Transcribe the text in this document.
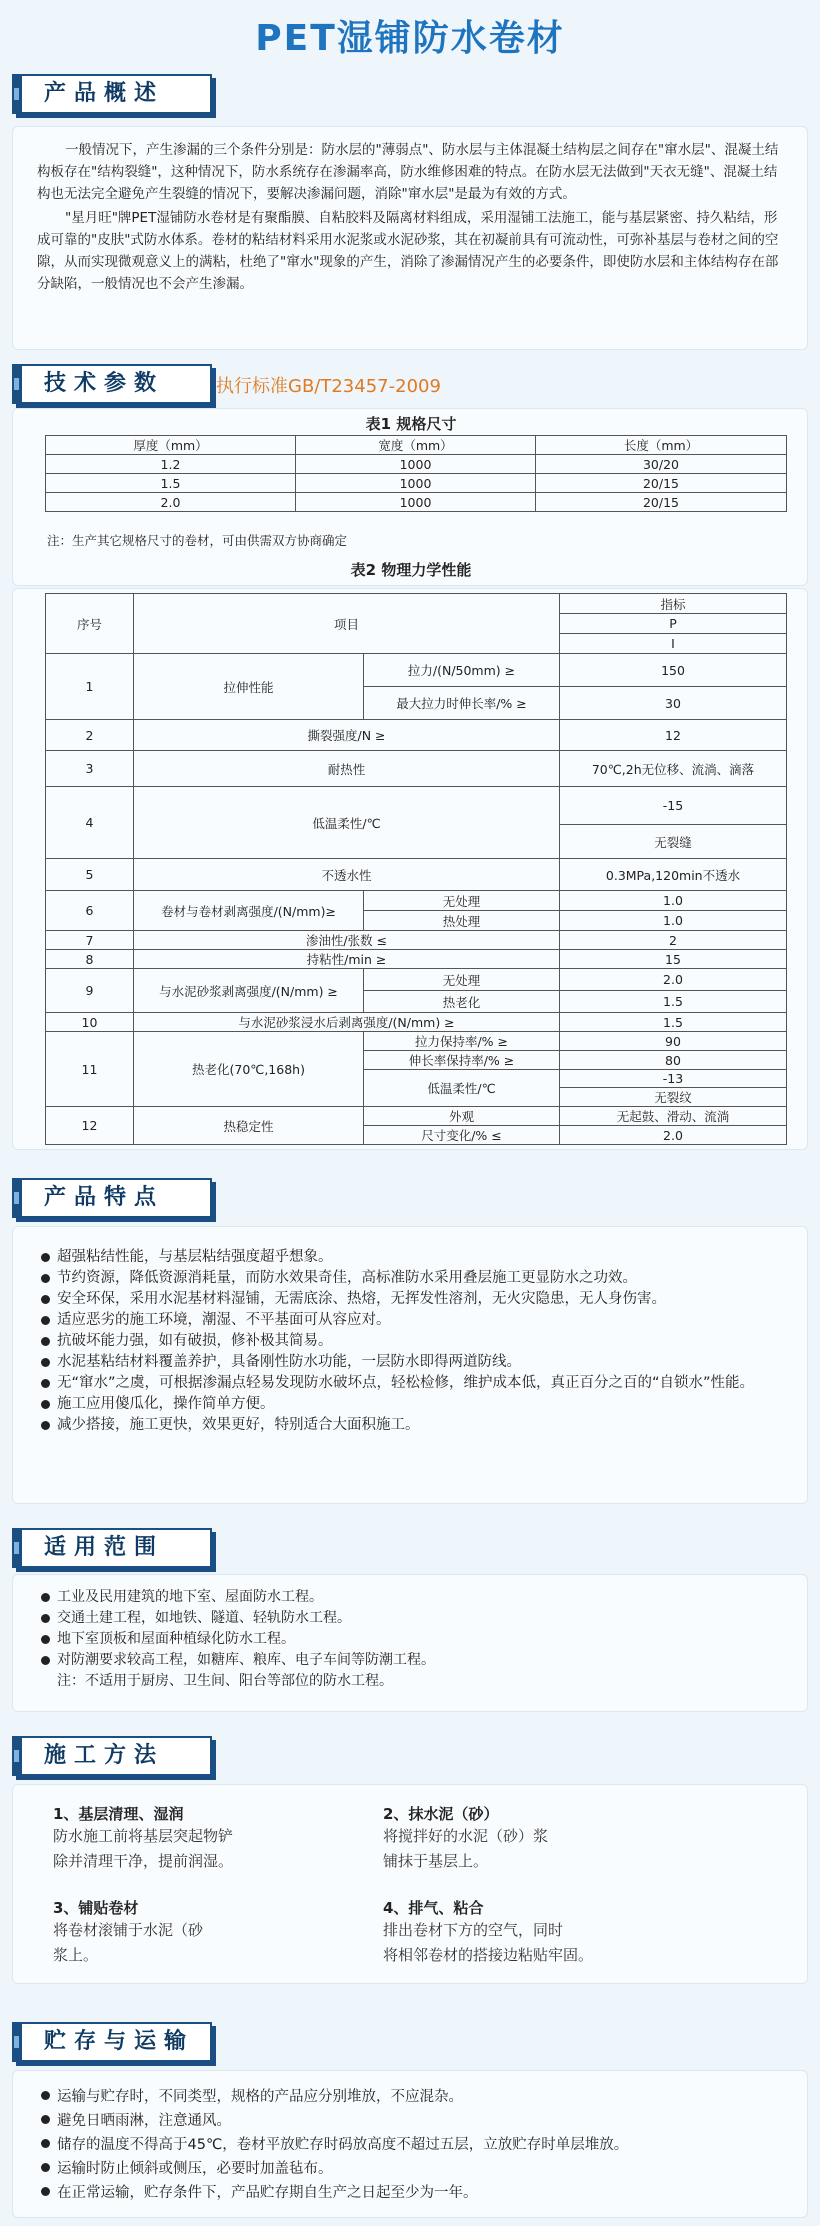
PET湿铺防水卷材
产品概述

一般情况下，产生渗漏的三个条件分别是：防水层的"薄弱点"、防水层与主体混凝土结构层之间存在"窜水层"、混凝土结构板存在"结构裂缝"，这种情况下，防水系统存在渗漏率高，防水维修困难的特点。在防水层无法做到"天衣无缝"、混凝土结构也无法完全避免产生裂缝的情况下，要解决渗漏问题，消除"窜水层"是最为有效的方式。

"星月旺"牌PET湿铺防水卷材是有聚酯膜、自粘胶料及隔离材料组成，采用湿铺工法施工，能与基层紧密、持久粘结，形成可靠的"皮肤"式防水体系。卷材的粘结材料采用水泥浆或水泥砂浆，其在初凝前具有可流动性，可弥补基层与卷材之间的空隙，从而实现微观意义上的满粘，杜绝了"窜水"现象的产生，消除了渗漏情况产生的必要条件，即使防水层和主体结构存在部分缺陷，一般情况也不会产生渗漏。

技术参数	执行标准GB/T23457-2009
表1 规格尺寸
厚度（mm）	宽度（mm）	长度（mm）
1.2	1000	30/20
1.5	1000	20/15
2.0	1000	20/15
注：生产其它规格尺寸的卷材，可由供需双方协商确定
表2 物理力学性能
序号	项目		指标
			P
			I
1	拉伸性能	拉力/(N/50mm) ≥	150
		最大拉力时伸长率/% ≥	30
2	撕裂强度/N ≥		12
3	耐热性		70℃,2h无位移、流淌、滴落
4	低温柔性/℃		-15
			无裂缝
5	不透水性		0.3MPa,120min不透水
6	卷材与卷材剥离强度/(N/mm)≥	无处理	1.0
		热处理	1.0
7	渗油性/张数 ≤		2
8	持粘性/min ≥		15
9	与水泥砂浆剥离强度/(N/mm) ≥	无处理	2.0
		热老化	1.5
10	与水泥砂浆浸水后剥离强度/(N/mm) ≥		1.5
11	热老化(70℃,168h)	拉力保持率/% ≥	90
		伸长率保持率/% ≥	80
		低温柔性/℃	-13
			无裂纹
12	热稳定性	外观	无起鼓、滑动、流淌
		尺寸变化/% ≤	2.0
产品特点
超强粘结性能，与基层粘结强度超乎想象。
节约资源，降低资源消耗量，而防水效果奇佳，高标准防水采用叠层施工更显防水之功效。
安全环保，采用水泥基材料湿铺，无需底涂、热熔，无挥发性溶剂，无火灾隐患，无人身伤害。
适应恶劣的施工环境，潮湿、不平基面可从容应对。
抗破坏能力强，如有破损，修补极其简易。
水泥基粘结材料覆盖养护，具备刚性防水功能，一层防水即得两道防线。
无“窜水”之虞，可根据渗漏点轻易发现防水破坏点，轻松检修，维护成本低，真正百分之百的“自锁水”性能。
施工应用傻瓜化，操作简单方便。
减少搭接，施工更快，效果更好，特别适合大面积施工。
适用范围
工业及民用建筑的地下室、屋面防水工程。
交通土建工程，如地铁、隧道、轻轨防水工程。
地下室顶板和屋面种植绿化防水工程。
对防潮要求较高工程，如糖库、粮库、电子车间等防潮工程。
注：不适用于厨房、卫生间、阳台等部位的防水工程。
施工方法
1、基层清理、湿润
防水施工前将基层突起物铲
除并清理干净，提前润湿。
2、抹水泥（砂）
将搅拌好的水泥（砂）浆
铺抹于基层上。
3、铺贴卷材
将卷材滚铺于水泥（砂
浆上。
4、排气、粘合
排出卷材下方的空气，同时
将相邻卷材的搭接边粘贴牢固。
贮存与运输
运输与贮存时，不同类型，规格的产品应分别堆放，不应混杂。
避免日晒雨淋，注意通风。
储存的温度不得高于45℃，卷材平放贮存时码放高度不超过五层，立放贮存时单层堆放。
运输时防止倾斜或侧压，必要时加盖毡布。
在正常运输，贮存条件下，产品贮存期自生产之日起至少为一年。
